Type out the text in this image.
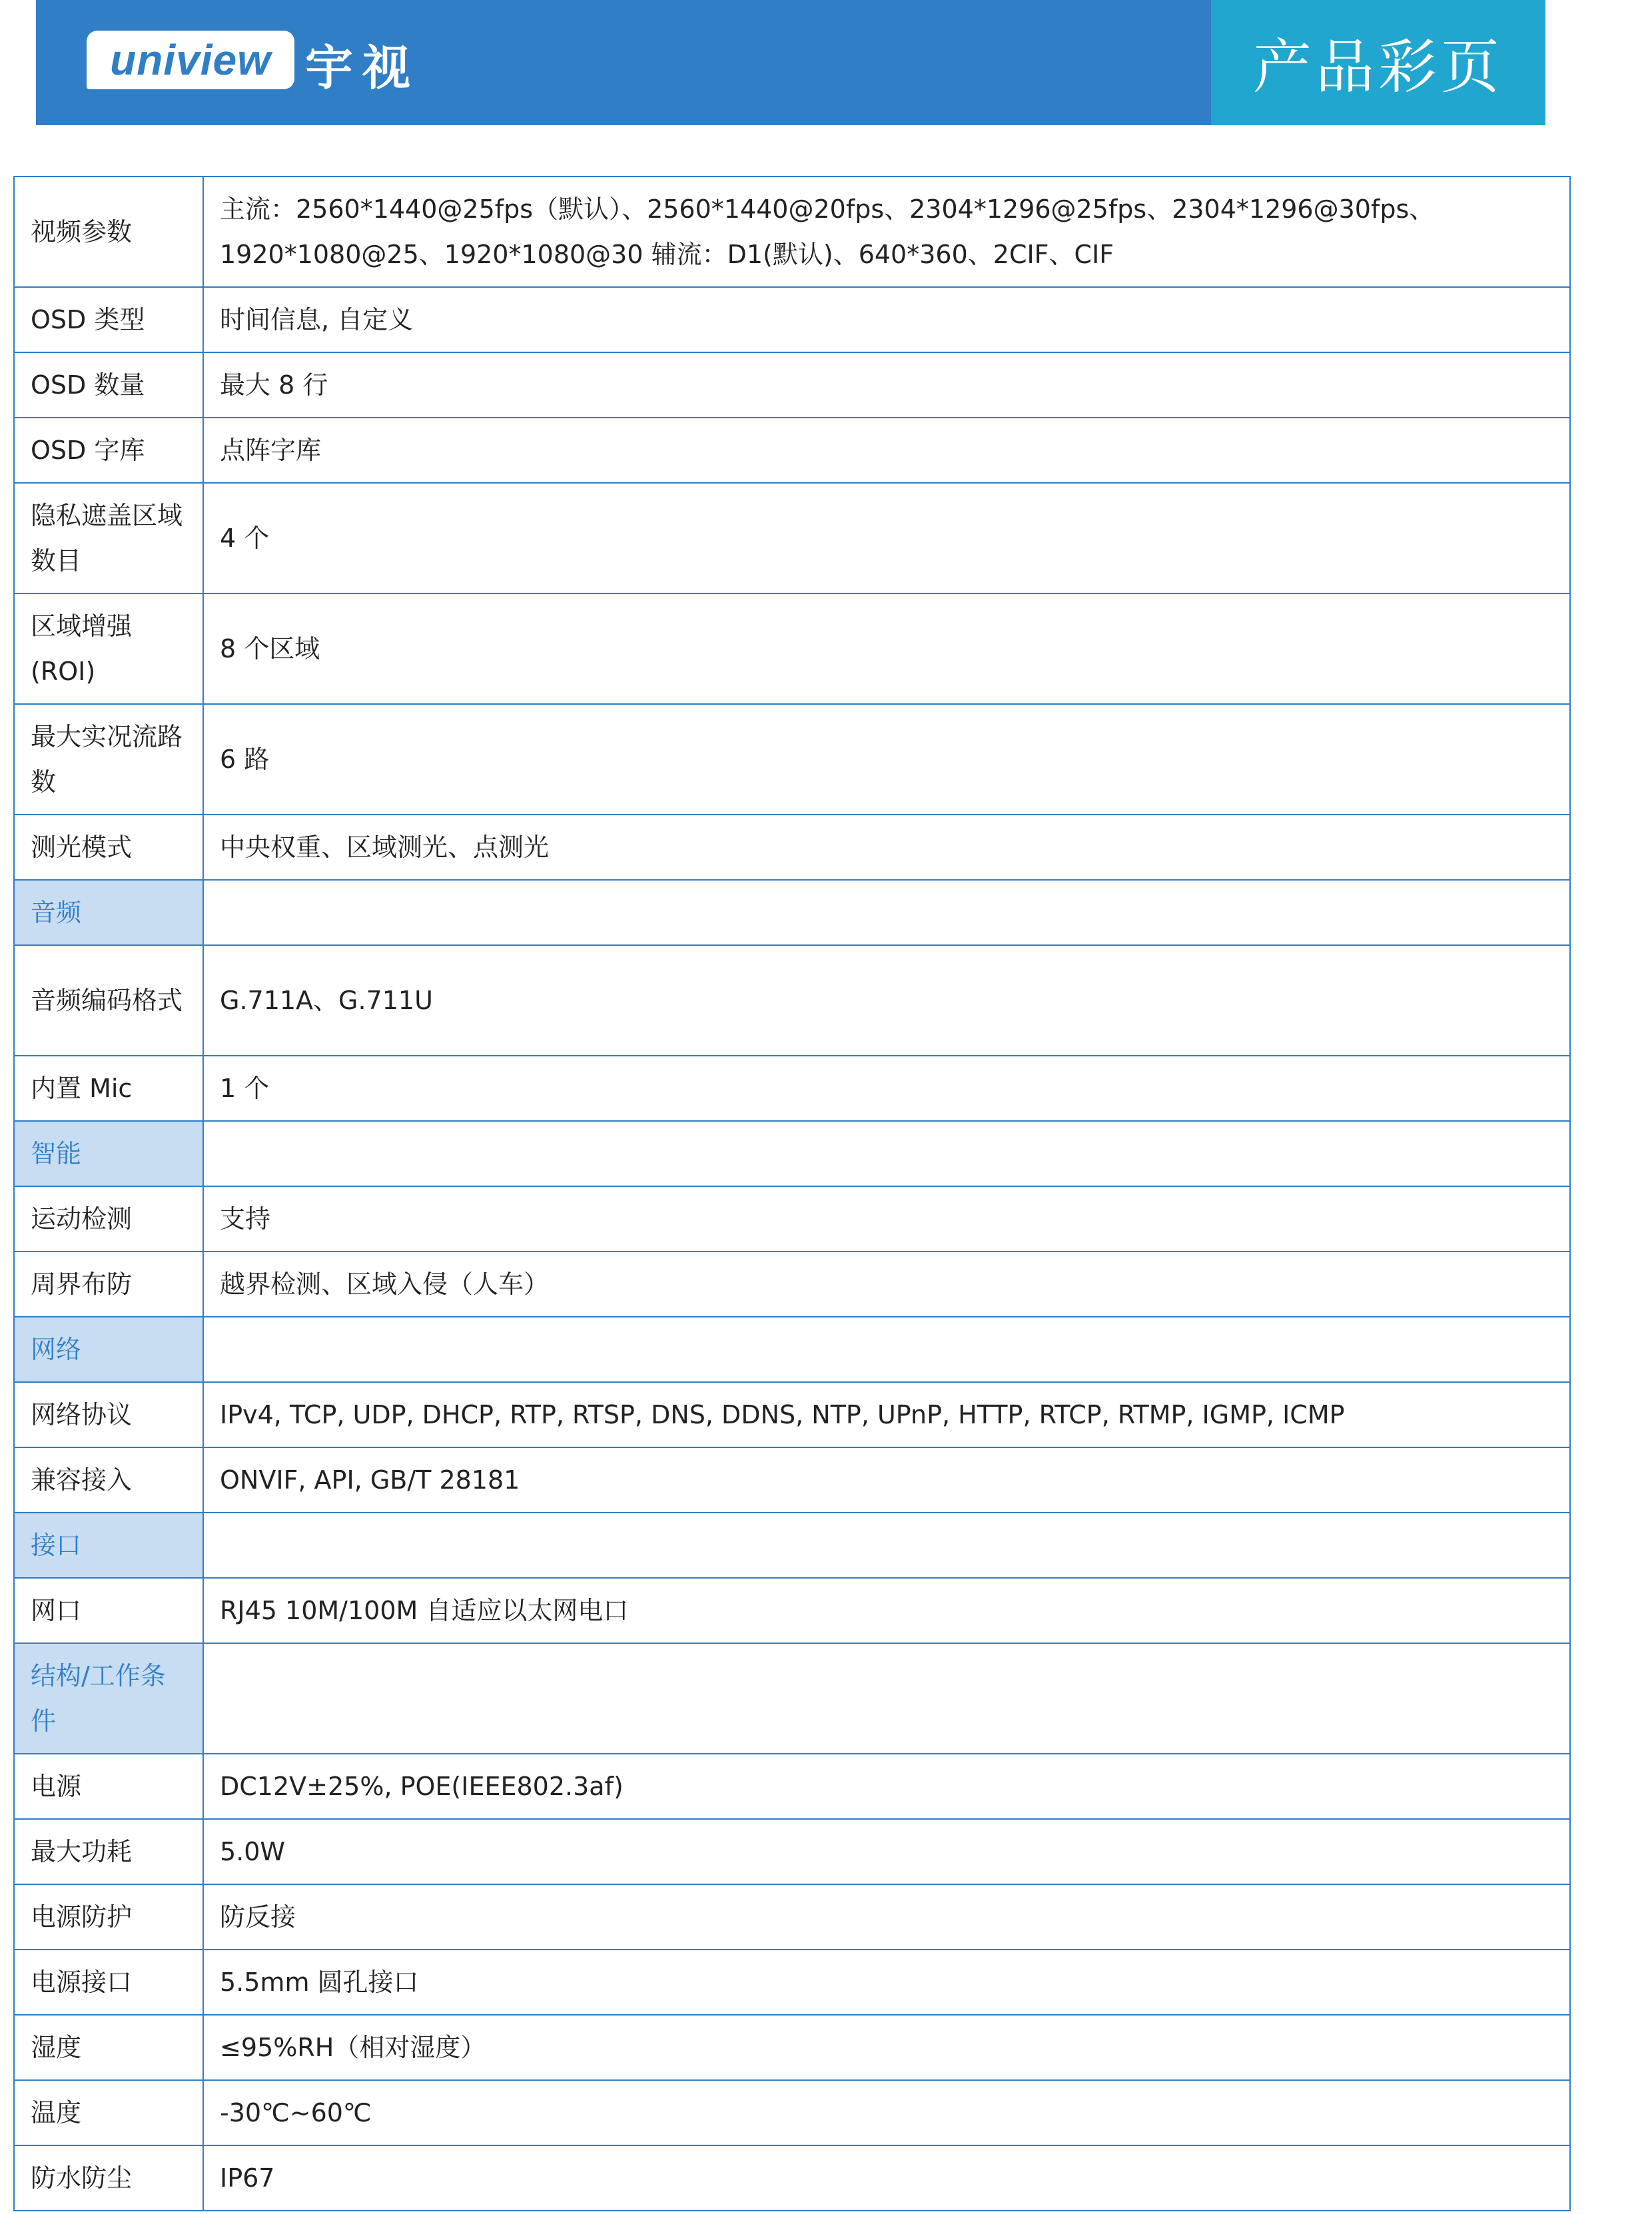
uniview 宇视	产品彩页
视频参数	主流：2560*1440@25fps（默认）、2560*1440@20fps、2304*1296@25fps、2304*1296@30fps、1920*1080@25、1920*1080@30 辅流：D1(默认)、640*360、2CIF、CIF
OSD 类型	时间信息, 自定义
OSD 数量	最大 8 行
OSD 字库	点阵字库
隐私遮盖区域数目	4 个
区域增强(ROI)	8 个区域
最大实况流路数	6 路
测光模式	中央权重、区域测光、点测光
音频	
音频编码格式	G.711A、G.711U
内置 Mic	1 个
智能	
运动检测	支持
周界布防	越界检测、区域入侵（人车）
网络	
网络协议	IPv4, TCP, UDP, DHCP, RTP, RTSP, DNS, DDNS, NTP, UPnP, HTTP, RTCP, RTMP, IGMP, ICMP
兼容接入	ONVIF, API, GB/T 28181
接口	
网口	RJ45 10M/100M 自适应以太网电口
结构/工作条件	
电源	DC12V±25%, POE(IEEE802.3af)
最大功耗	5.0W
电源防护	防反接
电源接口	5.5mm 圆孔接口
湿度	≤95%RH（相对湿度）
温度	-30℃~60℃
防水防尘	IP67
